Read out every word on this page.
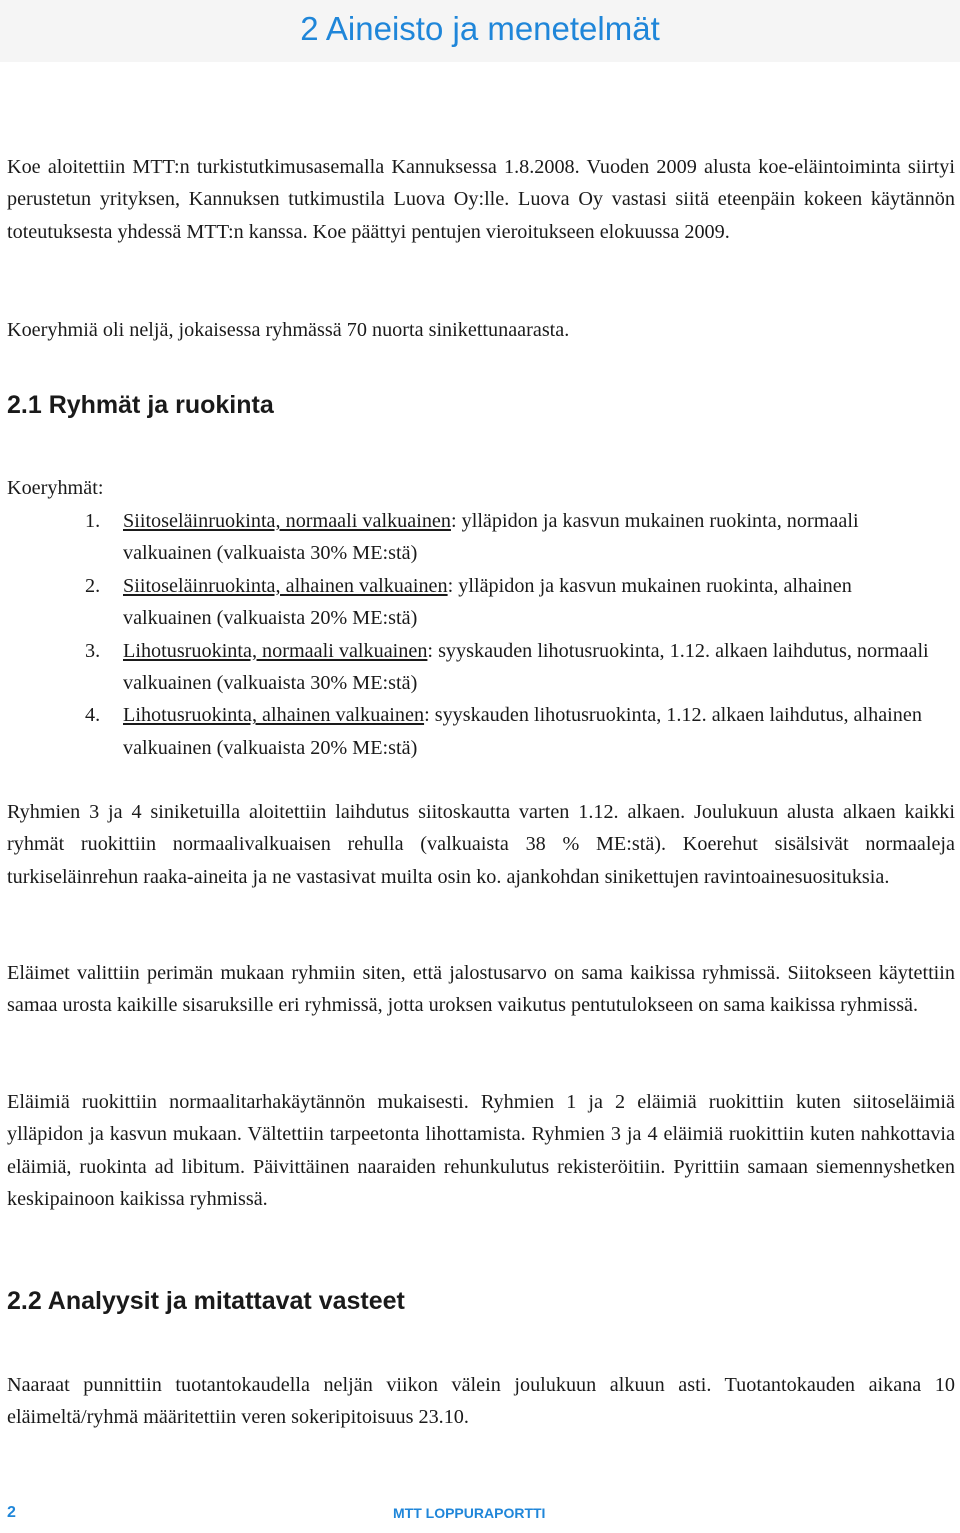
2 Aineisto ja menetelmät

Koe aloitettiin MTT:n turkistutkimusasemalla Kannuksessa 1.8.2008. Vuoden 2009 alusta koe-eläintoiminta siirtyi perustetun yrityksen, Kannuksen tutkimustila Luova Oy:lle. Luova Oy vastasi siitä eteenpäin kokeen käytännön toteutuksesta yhdessä MTT:n kanssa. Koe päättyi pentujen vieroitukseen elokuussa 2009.

Koeryhmiä oli neljä, jokaisessa ryhmässä 70 nuorta sinikettunaarasta.

2.1 Ryhmät ja ruokinta

Koeryhmät:

1. Siitoseläinruokinta, normaali valkuainen: ylläpidon ja kasvun mukainen ruokinta, normaali valkuainen (valkuaista 30% ME:stä)
2. Siitoseläinruokinta, alhainen valkuainen: ylläpidon ja kasvun mukainen ruokinta, alhainen valkuainen (valkuaista 20% ME:stä)
3. Lihotusruokinta, normaali valkuainen: syyskauden lihotusruokinta, 1.12. alkaen laihdutus, normaali valkuainen (valkuaista 30% ME:stä)
4. Lihotusruokinta, alhainen valkuainen: syyskauden lihotusruokinta, 1.12. alkaen laihdutus, alhainen valkuainen (valkuaista 20% ME:stä)

Ryhmien 3 ja 4 siniketuilla aloitettiin laihdutus siitoskautta varten 1.12. alkaen. Joulukuun alusta alkaen kaikki ryhmät ruokittiin normaalivalkuaisen rehulla (valkuaista 38 % ME:stä). Koerehut sisälsivät normaaleja turkiseläinrehun raaka-aineita ja ne vastasivat muilta osin ko. ajankohdan sinikettujen ravintoainesuosituksia.

Eläimet valittiin perimän mukaan ryhmiin siten, että jalostusarvo on sama kaikissa ryhmissä. Siitokseen käytettiin samaa urosta kaikille sisaruksille eri ryhmissä, jotta uroksen vaikutus pentutulokseen on sama kaikissa ryhmissä.

Eläimiä ruokittiin normaalitarhakäytännön mukaisesti. Ryhmien 1 ja 2 eläimiä ruokittiin kuten siitoseläimiä ylläpidon ja kasvun mukaan. Vältettiin tarpeetonta lihottamista. Ryhmien 3 ja 4 eläimiä ruokittiin kuten nahkottavia eläimiä, ruokinta ad libitum. Päivittäinen naaraiden rehunkulutus rekisteröitiin. Pyrittiin samaan siemennyshetken keskipainoon kaikissa ryhmissä.

2.2 Analyysit ja mitattavat vasteet

Naaraat punnittiin tuotantokaudella neljän viikon välein joulukuun alkuun asti. Tuotantokauden aikana 10 eläimeltä/ryhmä määritettiin veren sokeripitoisuus 23.10.

2	MTT LOPPURAPORTTI
